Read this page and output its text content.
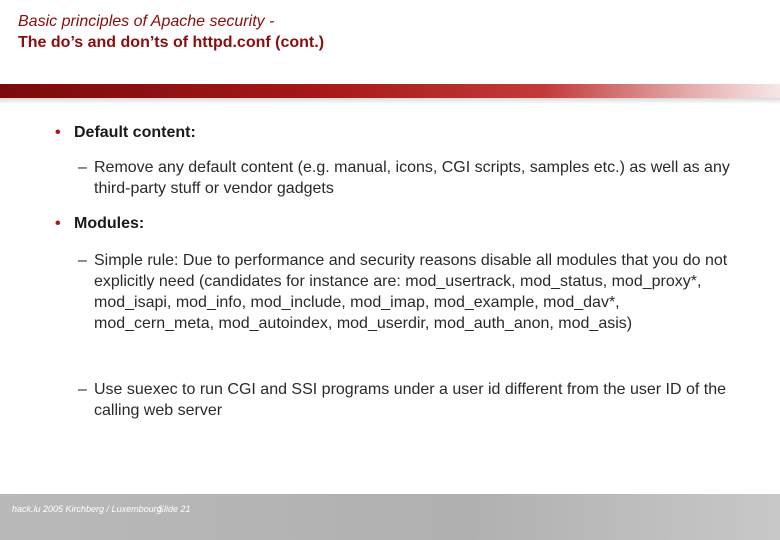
Basic principles of Apache security -
The do’s and don’ts of httpd.conf (cont.)
• Default content:
– Remove any default content (e.g. manual, icons, CGI scripts, samples etc.) as well as any third-party stuff or vendor gadgets
• Modules:
– Simple rule: Due to performance and security reasons disable all modules that you do not explicitly need (candidates for instance are: mod_usertrack, mod_status, mod_proxy*, mod_isapi, mod_info, mod_include, mod_imap, mod_example, mod_dav*, mod_cern_meta, mod_autoindex, mod_userdir, mod_auth_anon, mod_asis)
– Use suexec to run CGI and SSI programs under a user id different from the user ID of the calling web server
hack.lu 2005 Kirchberg / Luxembourg
Slide 21
